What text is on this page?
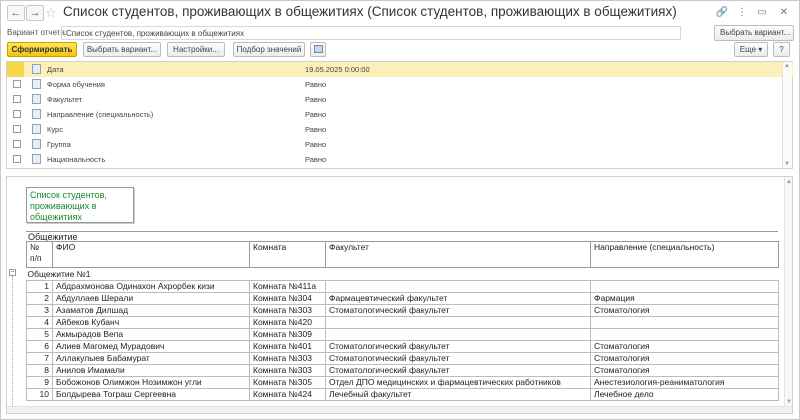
← → ☆ Список студентов, проживающих в общежитиях (Список студентов, проживающих в общежитиях)	🔗 ⋮ ▭ ✕
Вариант отчета: Список студентов, проживающих в общежитиях	Выбрать вариант...
Сформировать	Выбрать вариант...	Настройки...	Подбор значений	Еще ▾	?
Дата	19.05.2025 0:00:00
Форма обучения	Равно
Факультет	Равно
Направление (специальность)	Равно
Курс	Равно
Группа	Равно
Национальность	Равно
▲
▼
Список студентов,
проживающих в
общежитиях
Общежитие
№
п/п	ФИО	Комната	Факультет	Направление (специальность)
Общежитие №1				
1	Абдрахмонова Одинахон Ахрорбек кизи	Комната №411а		
2	Абдуллаев Шерали	Комната №304	Фармацевтический факультет	Фармация
3	Азаматов Дилшад	Комната №303	Стоматологический факультет	Стоматология
4	Айбеков Кубанч	Комната №420		
5	Акмырадов Вепа	Комната №309		
6	Алиев Магомед Мурадович	Комната №401	Стоматологический факультет	Стоматология
7	Аллакулыев Бабамурат	Комната №303	Стоматологический факультет	Стоматология
8	Анилов Имамали	Комната №303	Стоматологический факультет	Стоматология
9	Бобожонов Олимжон Нозимжон угли	Комната №305	Отдел ДПО медицинских и фармацевтических работников	Анестезиология-реаниматология
10	Болдырева Тограш Сергеевна	Комната №424	Лечебный факультет	Лечебное дело
−
▲
▼
